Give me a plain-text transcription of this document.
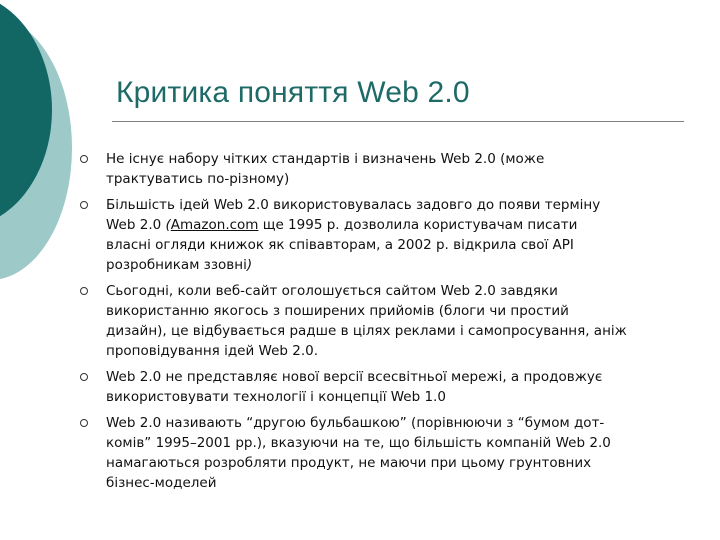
Критика поняття Web 2.0
Не існує набору чітких стандартів і визначень Web 2.0 (може
трактуватись по-різному)
Більшість ідей Web 2.0 використовувалась задовго до появи терміну
Web 2.0 (Amazon.com ще 1995 р. дозволила користувачам писати
власні огляди книжок як співавторам, а 2002 р. відкрила свої API
розробникам ззовні)
Сьогодні, коли веб-сайт оголошується сайтом Web 2.0 завдяки
використанню якогось з поширених прийомів (блоги чи простий
дизайн), це відбувається радше в цілях реклами і самопросування, аніж
проповідування ідей Web 2.0.
Web 2.0 не представляє нової версії всесвітньої мережі, а продовжує
використовувати технології і концепції Web 1.0
Web 2.0 називають “другою бульбашкою” (порівнюючи з “бумом дот-
комів” 1995–2001 рр.), вказуючи на те, що більшість компаній Web 2.0
намагаються розробляти продукт, не маючи при цьому грунтовних
бізнес-моделей
